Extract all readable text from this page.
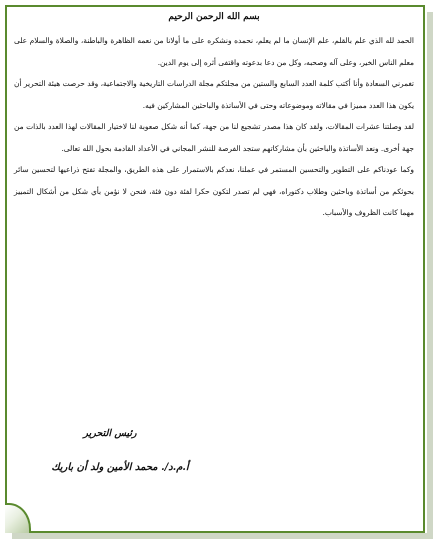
بسم الله الرحمن الرحيم

الحمد لله الذي علم بالقلم، علم الإنسان ما لم يعلم، نحمده ونشكره على ما أولانا من نعمه الظاهرة والباطنة، والصلاة والسلام على معلم الناس الخير، وعلى آله وصحبه، وكل من دعا بدعوته واقتفى أثره إلى يوم الدين.

تغمرني السعادة وأنا أكتب كلمة العدد السابع والستين من مجلتكم مجلة الدراسات التاريخية والاجتماعية، وقد حرصت هيئة التحرير أن يكون هذا العدد مميزا في مقالاته وموضوعاته وحتى في الأساتذة والباحثين المشاركين فيه.

لقد وصلتنا عشرات المقالات، ولقد كان هذا مصدر تشجيع لنا من جهة، كما أنه شكل صعوبة لنا لاختيار المقالات لهذا العدد بالذات من جهة أخرى. ونعد الأساتذة والباحثين بأن مشاركاتهم ستجد الفرصة للنشر المجاني في الأعداد القادمة بحول الله تعالى.

وكما عودناكم على التطوير والتحسين المستمر في عملنا، نعدكم بالاستمرار على هذه الطريق، والمجلة تفتح ذراعيها لتحسين سائر بحوثكم من أساتذة وباحثين وطلاب دكتوراه، فهي لم تصدر لتكون حكرا لفئة دون فئة، فنحن لا نؤمن بأي شكل من أشكال التمييز مهما كانت الظروف والأسباب.

رئيس التحرير
أ.م.د/. محمد الأمين ولد أن باريك
